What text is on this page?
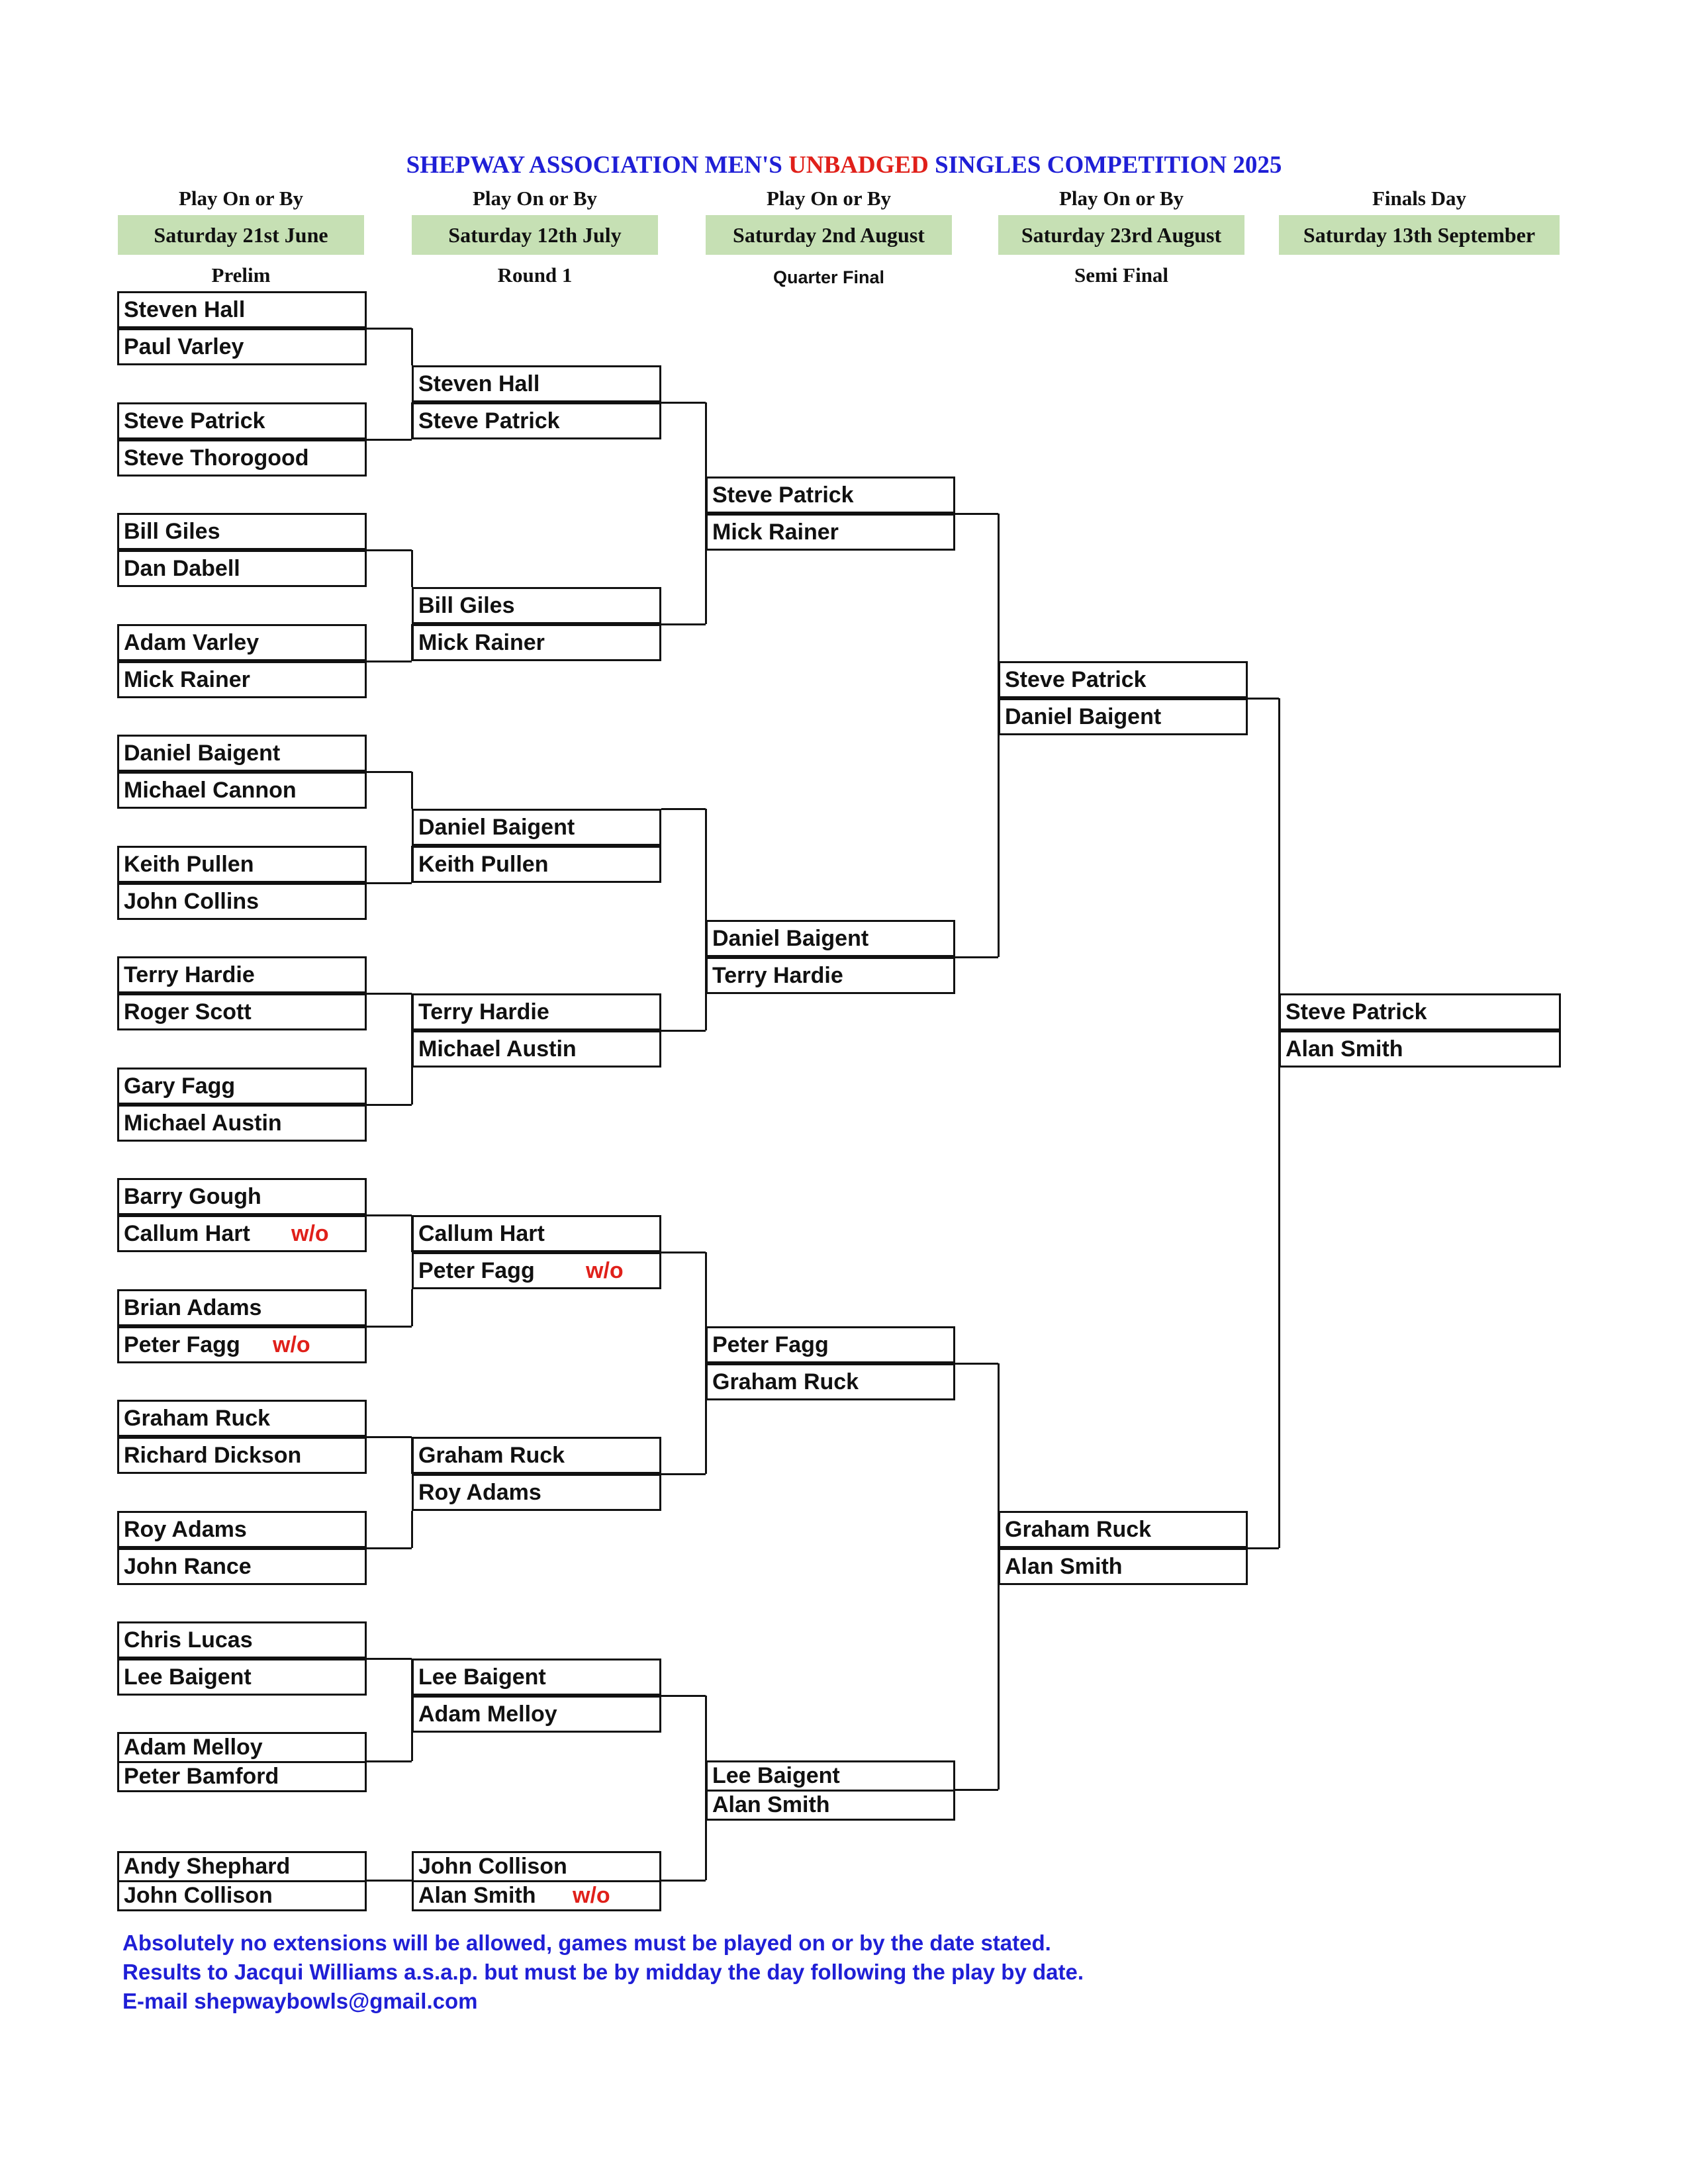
SHEPWAY ASSOCIATION MEN'S UNBADGED SINGLES COMPETITION 2025
Play On or By	Play On or By	Play On or By	Play On or By	Finals Day
Saturday 21st June	Saturday 12th July	Saturday 2nd August	Saturday 23rd August	Saturday 13th September
Prelim	Round 1	Quarter Final	Semi Final
Steven Hall
Paul Varley
Steve Patrick
Steve Thorogood
Bill Giles
Dan Dabell
Adam Varley
Mick Rainer
Daniel Baigent
Michael Cannon
Keith Pullen
John Collins
Terry Hardie
Roger Scott
Gary Fagg
Michael Austin
Barry Gough
Callum Hart w/o
Brian Adams
Peter Fagg w/o
Graham Ruck
Richard Dickson
Roy Adams
John Rance
Chris Lucas
Lee Baigent
Adam Melloy
Peter Bamford
Andy Shephard
John Collison
Steven Hall
Steve Patrick
Bill Giles
Mick Rainer
Daniel Baigent
Keith Pullen
Terry Hardie
Michael Austin
Callum Hart
Peter Fagg w/o
Graham Ruck
Roy Adams
Lee Baigent
Adam Melloy
John Collison
Alan Smith w/o
Steve Patrick
Mick Rainer
Daniel Baigent
Terry Hardie
Peter Fagg
Graham Ruck
Lee Baigent
Alan Smith
Steve Patrick
Daniel Baigent
Graham Ruck
Alan Smith
Steve Patrick
Alan Smith
Absolutely no extensions will be allowed, games must be played on or by the date stated.
Results to Jacqui Williams a.s.a.p. but must be by midday the day following the play by date.
E-mail shepwaybowls@gmail.com
